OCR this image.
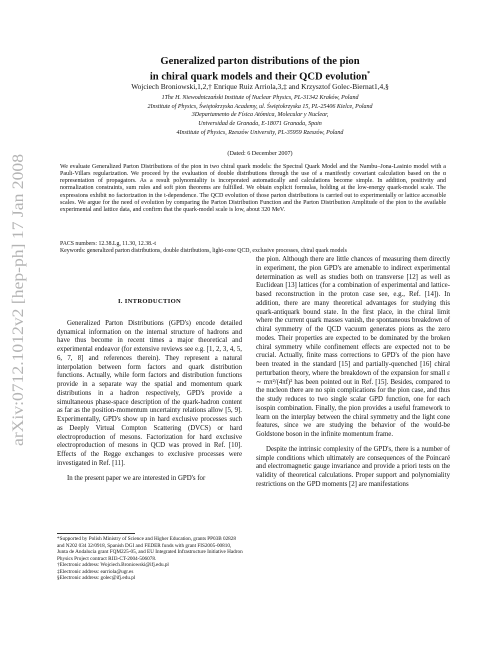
arXiv:0712.1012v2 [hep-ph] 17 Jan 2008
Generalized parton distributions of the pion
in chiral quark models and their QCD evolution*
Wojciech Broniowski,1,2,† Enrique Ruiz Arriola,3,‡ and Krzysztof Golec-Biernat1,4,§
1The H. Niewodniczański Institute of Nuclear Physics, PL-31342 Kraków, Poland
2Institute of Physics, Świętokrzyska Academy, ul. Świętokrzyska 15, PL-25406 Kielce, Poland
3Departamento de Física Atómica, Molecular y Nuclear,
Universidad de Granada, E-18071 Granada, Spain
4Institute of Physics, Rzeszów University, PL-35959 Rzeszów, Poland
(Dated: 6 December 2007)
We evaluate Generalized Parton Distributions of the pion in two chiral quark models: the Spectral Quark Model and the Nambu–Jona-Lasinio model with a Pauli-Villars regularization. We proceed by the evaluation of double distributions through the use of a manifestly covariant calculation based on the α representation of propagators. As a result polynomiality is incorporated automatically and calculations become simple. In addition, positivity and normalization constraints, sum rules and soft pion theorems are fulfilled. We obtain explicit formulas, holding at the low-energy quark-model scale. The expressions exhibit no factorization in the t-dependence. The QCD evolution of those parton distributions is carried out to experimentally or lattice accessible scales. We argue for the need of evolution by comparing the Parton Distribution Function and the Parton Distribution Amplitude of the pion to the available experimental and lattice data, and confirm that the quark-model scale is low, about 320 MeV.
PACS numbers: 12.38.Lg, 11.30, 12.38.-t
Keywords: generalized parton distributions, double distributions, light-cone QCD, exclusive processes, chiral quark models
I. INTRODUCTION

Generalized Parton Distributions (GPD's) encode detailed dynamical information on the internal structure of hadrons and have thus become in recent times a major theoretical and experimental endeavor (for extensive reviews see e.g. [1, 2, 3, 4, 5, 6, 7, 8] and references therein). They represent a natural interpolation between form factors and quark distribution functions. Actually, while form factors and distribution functions provide in a separate way the spatial and momentum quark distributions in a hadron respectively, GPD's provide a simultaneous phase-space description of the quark-hadron content as far as the position-momentum uncertainty relations allow [5, 9]. Experimentally, GPD's show up in hard exclusive processes such as Deeply Virtual Compton Scattering (DVCS) or hard electroproduction of mesons. Factorization for hard exclusive electroproduction of mesons in QCD was proved in Ref. [10]. Effects of the Regge exchanges to exclusive processes were investigated in Ref. [11].

In the present paper we are interested in GPD's for

the pion. Although there are little chances of measuring them directly in experiment, the pion GPD's are amenable to indirect experimental determination as well as studies both on transverse [12] as well as Euclidean [13] lattices (for a combination of experimental and lattice-based reconstruction in the proton case see, e.g., Ref. [14]). In addition, there are many theoretical advantages for studying this quark-antiquark bound state. In the first place, in the chiral limit where the current quark masses vanish, the spontaneous breakdown of chiral symmetry of the QCD vacuum generates pions as the zero modes. Their properties are expected to be dominated by the broken chiral symmetry while confinement effects are expected not to be crucial. Actually, finite mass corrections to GPD's of the pion have been treated in the standard [15] and partially-quenched [16] chiral perturbation theory, where the breakdown of the expansion for small ε ∼ mπ²/(4πf)² has been pointed out in Ref. [15]. Besides, compared to the nucleon there are no spin complications for the pion case, and thus the study reduces to two single scalar GPD function, one for each isospin combination. Finally, the pion provides a useful framework to learn on the interplay between the chiral symmetry and the light cone features, since we are studying the behavior of the would-be Goldstone boson in the infinite momentum frame.

Despite the intrinsic complexity of the GPD's, there is a number of simple conditions which ultimately are consequences of the Poincaré and electromagnetic gauge invariance and provide a priori tests on the validity of theoretical calculations. Proper support and polynomiality restrictions on the GPD moments [2] are manifestations

*Supported by Polish Ministry of Science and Higher Education, grants PP03B 02828 and N202 034 32/0918, Spanish DGI and FEDER funds with grant FIS2005-00810, Junta de Andalucía grant FQM225-05, and EU Integrated Infrastructure Initiative Hadron Physics Project contract RII3-CT-2004-506078.
†Electronic address: Wojciech.Broniowski@ifj.edu.pl
‡Electronic address: earriola@ugr.es
§Electronic address: golec@ifj.edu.pl
